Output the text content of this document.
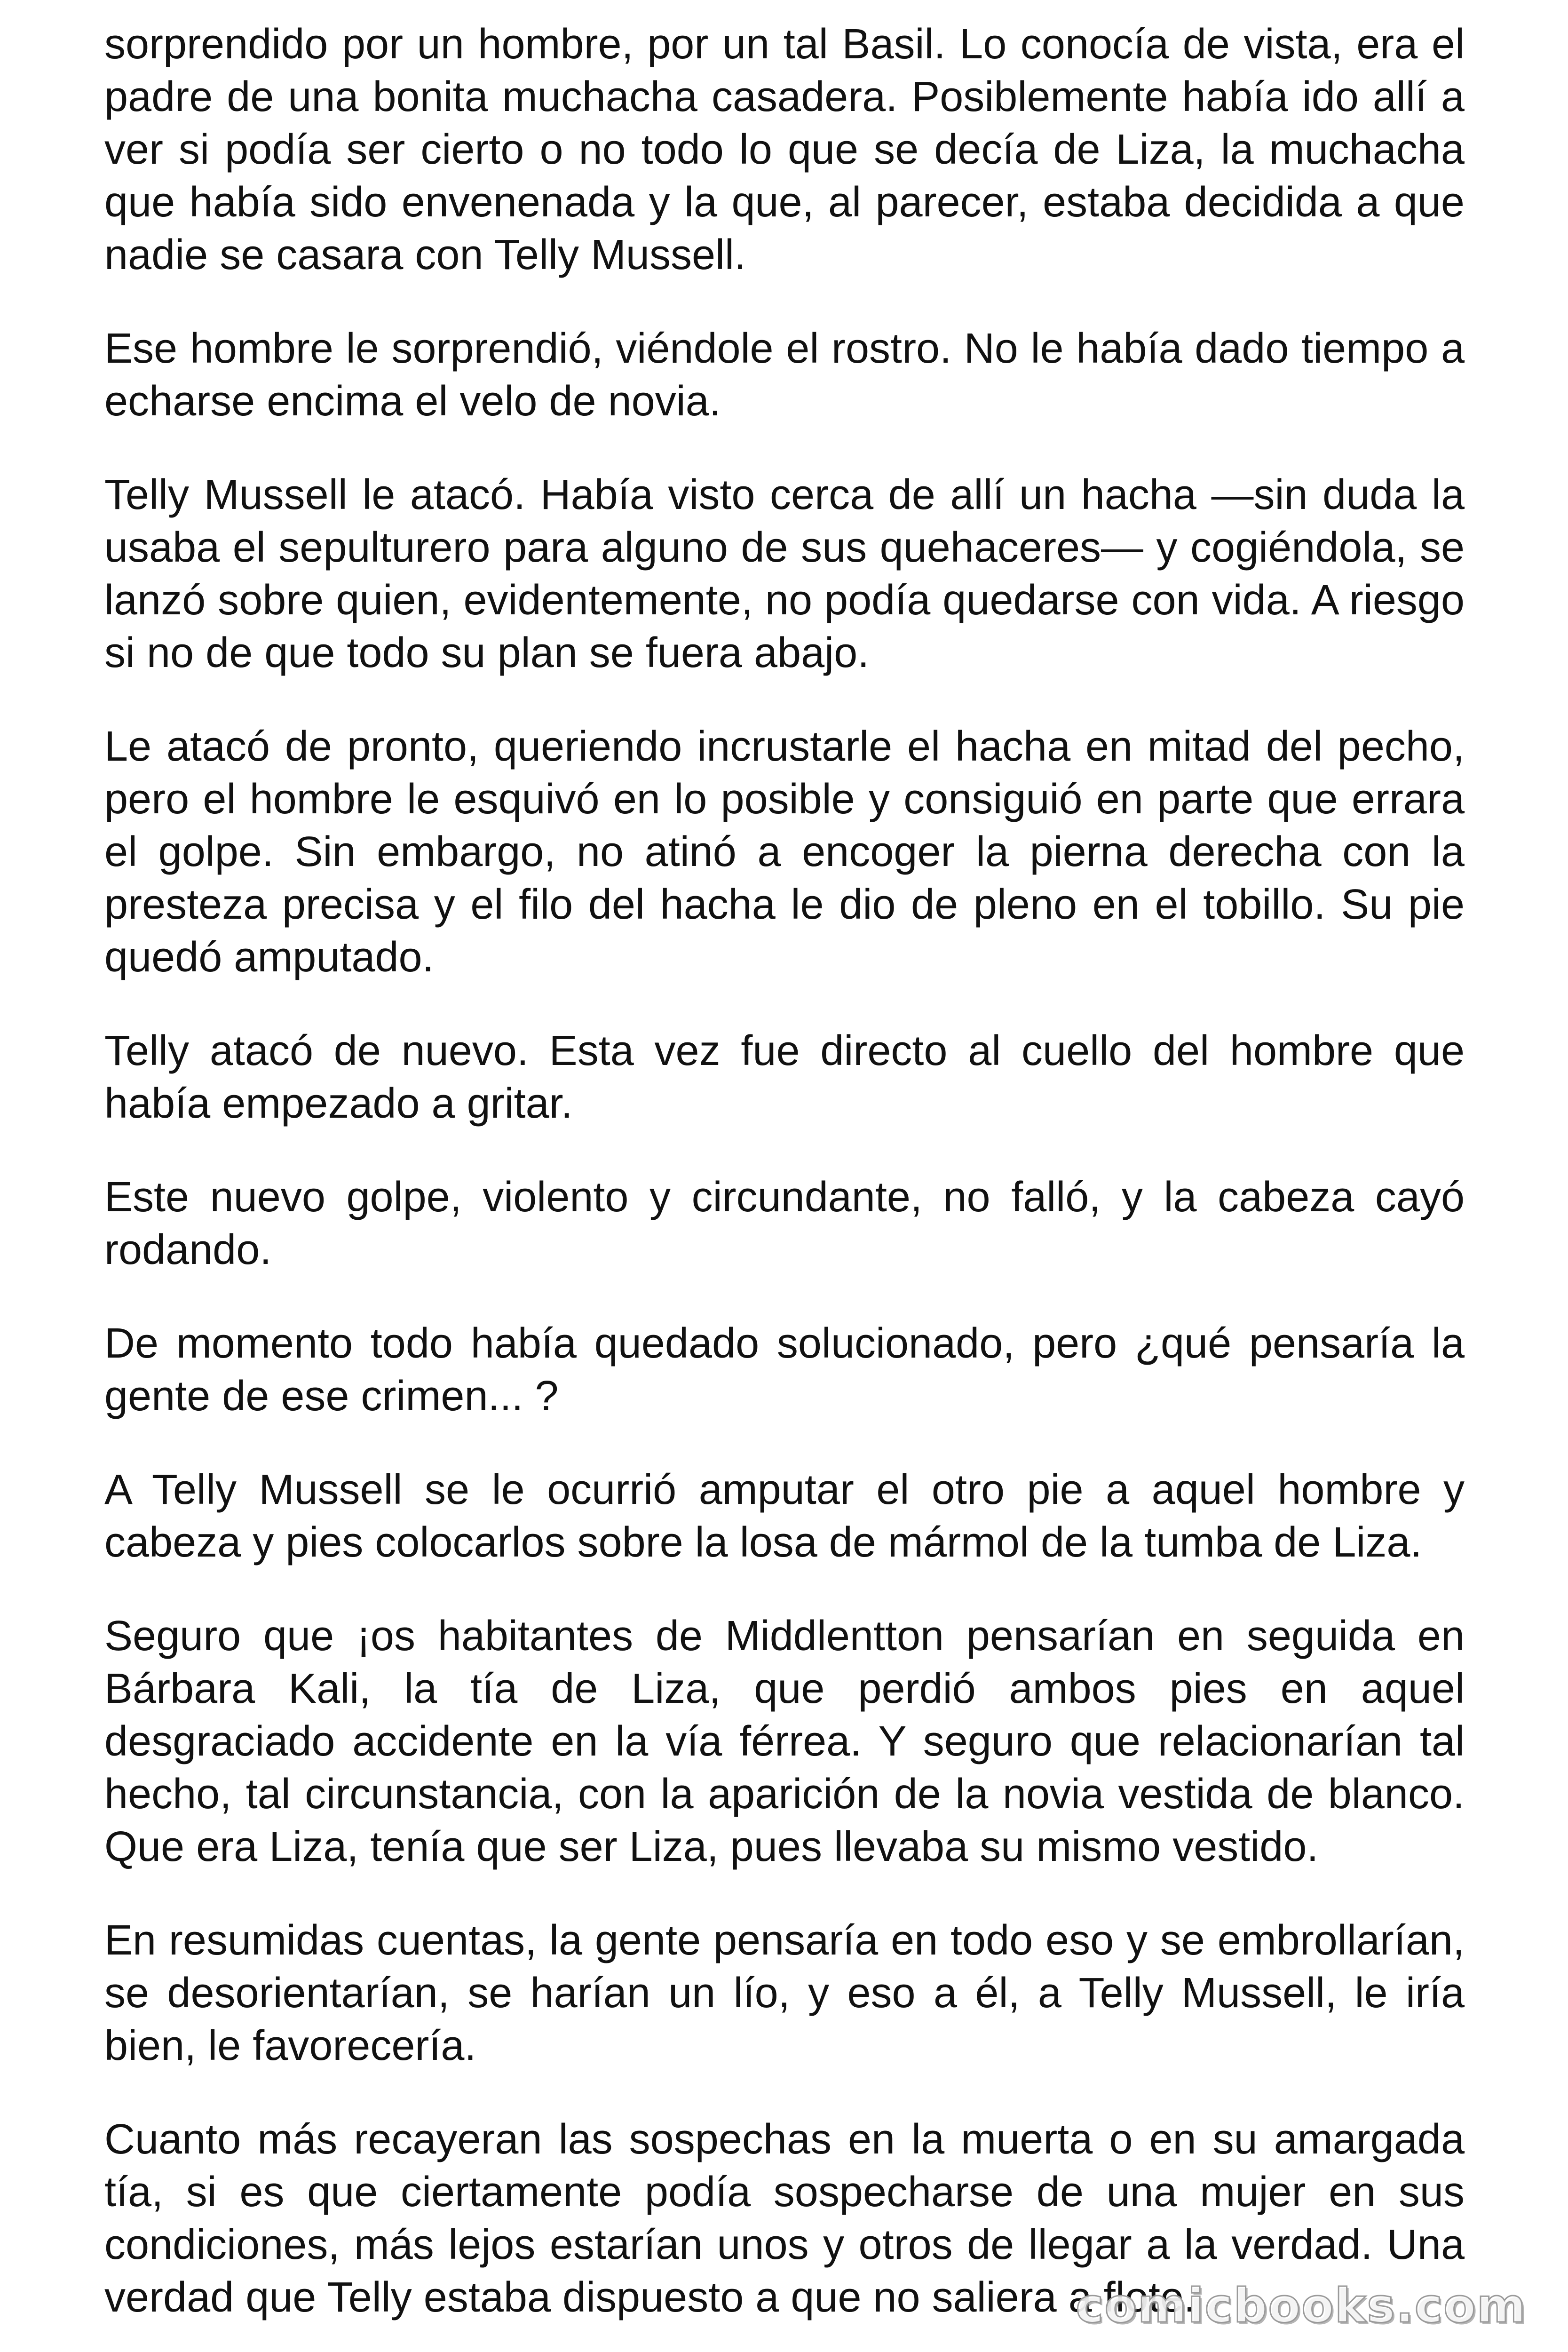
sorprendido por un hombre, por un tal Basil. Lo conocía de vista, era el padre de una bonita muchacha casadera. Posiblemente había ido allí a ver si podía ser cierto o no todo lo que se decía de Liza, la muchacha que había sido envenenada y la que, al parecer, estaba decidida a que nadie se casara con Telly Mussell.

Ese hombre le sorprendió, viéndole el rostro. No le había dado tiempo a echarse encima el velo de novia.

Telly Mussell le atacó. Había visto cerca de allí un hacha —sin duda la usaba el sepulturero para alguno de sus quehaceres— y cogiéndola, se lanzó sobre quien, evidentemente, no podía quedarse con vida. A riesgo si no de que todo su plan se fuera abajo.

Le atacó de pronto, queriendo incrustarle el hacha en mitad del pecho, pero el hombre le esquivó en lo posible y consiguió en parte que errara el golpe. Sin embargo, no atinó a encoger la pierna derecha con la presteza precisa y el filo del hacha le dio de pleno en el tobillo. Su pie quedó amputado.

Telly atacó de nuevo. Esta vez fue directo al cuello del hombre que había empezado a gritar.

Este nuevo golpe, violento y circundante, no falló, y la cabeza cayó rodando.

De momento todo había quedado solucionado, pero ¿qué pensaría la gente de ese crimen... ?

A Telly Mussell se le ocurrió amputar el otro pie a aquel hombre y cabeza y pies colocarlos sobre la losa de mármol de la tumba de Liza.

Seguro que ¡os habitantes de Middlentton pensarían en seguida en Bárbara Kali, la tía de Liza, que perdió ambos pies en aquel desgraciado accidente en la vía férrea. Y seguro que relacionarían tal hecho, tal circunstancia, con la aparición de la novia vestida de blanco. Que era Liza, tenía que ser Liza, pues llevaba su mismo vestido.

En resumidas cuentas, la gente pensaría en todo eso y se embrollarían, se desorientarían, se harían un lío, y eso a él, a Telly Mussell, le iría bien, le favorecería.

Cuanto más recayeran las sospechas en la muerta o en su amargada tía, si es que ciertamente podía sospecharse de una mujer en sus condiciones, más lejos estarían unos y otros de llegar a la verdad. Una verdad que Telly estaba dispuesto a que no saliera a flote.

comicbooks.com
